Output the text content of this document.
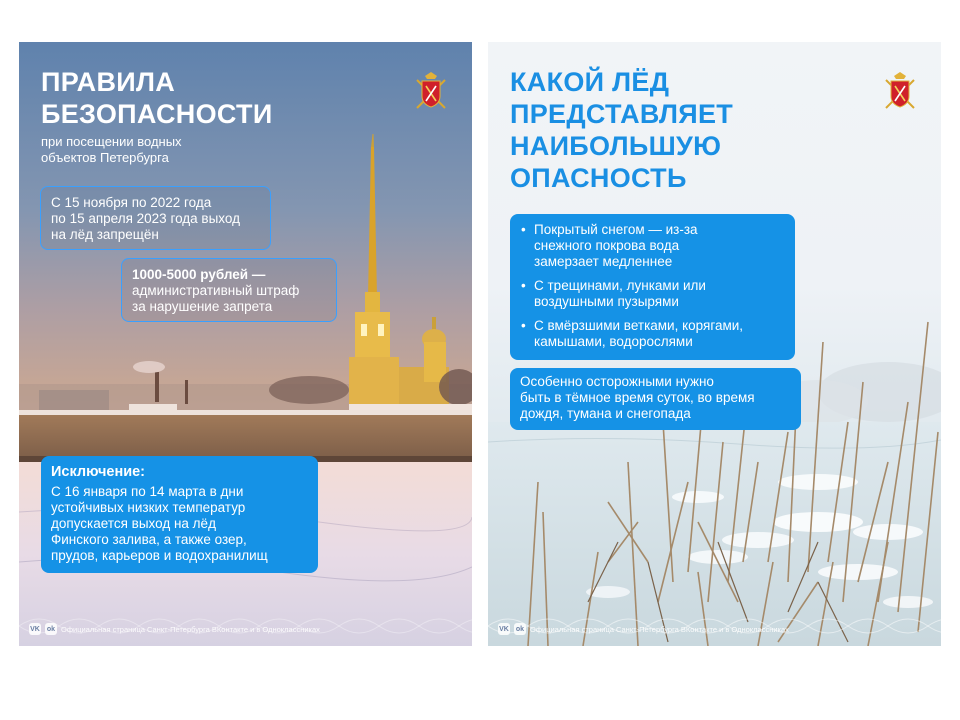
ПРАВИЛА
БЕЗОПАСНОСТИ
при посещении водных
объектов Петербурга
С 15 ноября по 2022 года
по 15 апреля 2023 года выход
на лёд запрещён
1000-5000 рублей —
административный штраф
за нарушение запрета
Исключение:
С 16 января по 14 марта в дни
устойчивых низких температур
допускается выход на лёд
Финского залива, а также озер,
прудов, карьеров и водохранилищ
VK ok Официальная страница Санкт-Петербурга ВКонтакте и в Одноклассниках
КАКОЙ ЛЁД
ПРЕДСТАВЛЯЕТ
НАИБОЛЬШУЮ
ОПАСНОСТЬ
• Покрытый снегом — из-за
снежного покрова вода
замерзает медленнее
• С трещинами, лунками или
воздушными пузырями
• С вмёрзшими ветками, корягами,
камышами, водорослями
Особенно осторожными нужно
быть в тёмное время суток, во время
дождя, тумана и снегопада
VK ok Официальная страница Санкт-Петербурга ВКонтакте и в Одноклассниках
